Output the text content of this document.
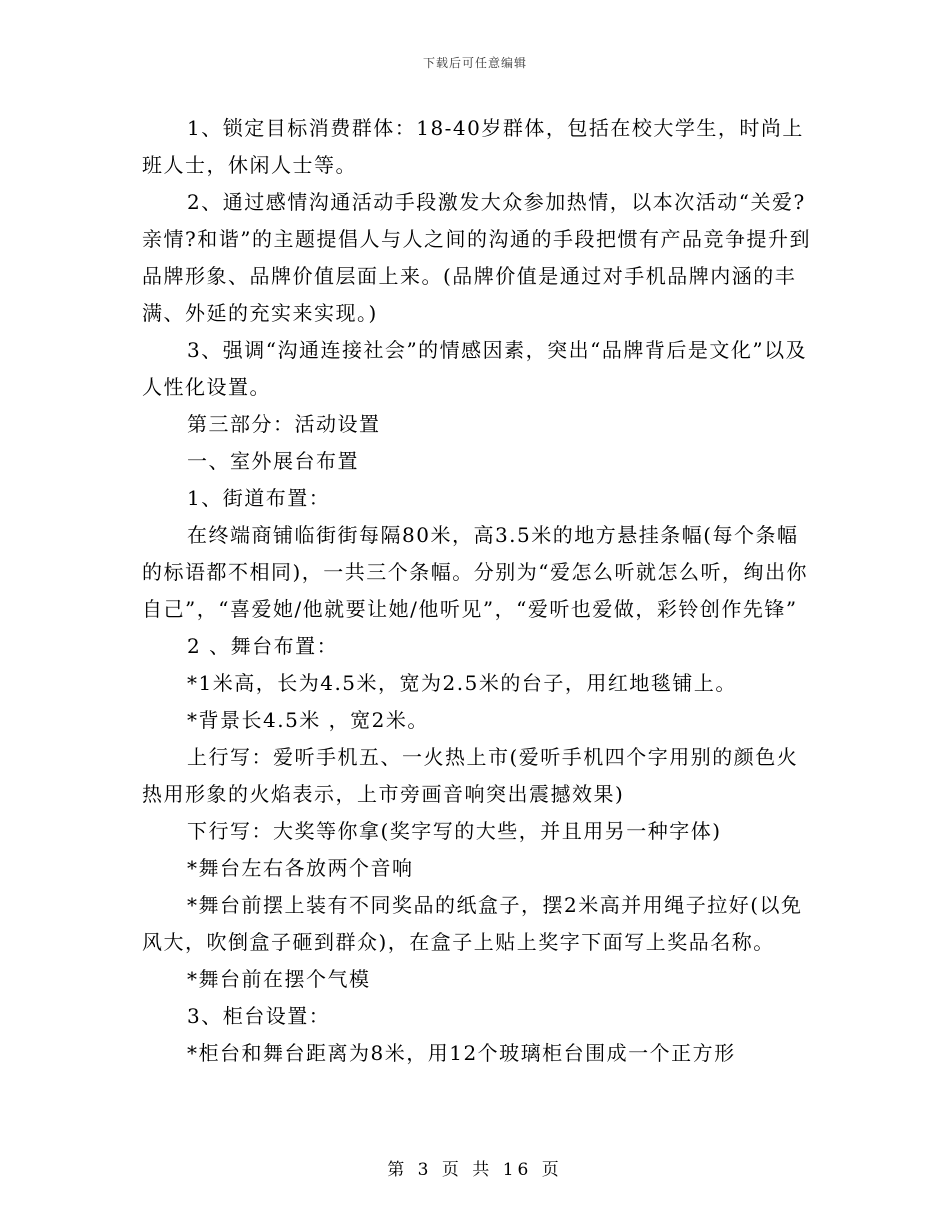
下载后可任意编辑

1、锁定目标消费群体：18-40岁群体，包括在校大学生，时尚上班人士，休闲人士等。

2、通过感情沟通活动手段激发大众参加热情，以本次活动“关爱?亲情?和谐”的主题提倡人与人之间的沟通的手段把惯有产品竞争提升到品牌形象、品牌价值层面上来。(品牌价值是通过对手机品牌内涵的丰满、外延的充实来实现。)

3、强调“沟通连接社会”的情感因素，突出“品牌背后是文化”以及人性化设置。

第三部分：活动设置

一、室外展台布置

1、街道布置：

在终端商铺临街街每隔80米，高3.5米的地方悬挂条幅(每个条幅的标语都不相同)，一共三个条幅。分别为“爱怎么听就怎么听，绚出你自己”，“喜爱她/他就要让她/他听见”，“爱听也爱做，彩铃创作先锋”

2 、舞台布置：

*1米高，长为4.5米，宽为2.5米的台子，用红地毯铺上。

*背景长4.5米 ，宽2米。

上行写：爱听手机五、一火热上市(爱听手机四个字用别的颜色火热用形象的火焰表示，上市旁画音响突出震撼效果)

下行写：大奖等你拿(奖字写的大些，并且用另一种字体)

*舞台左右各放两个音响

*舞台前摆上装有不同奖品的纸盒子，摆2米高并用绳子拉好(以免风大，吹倒盒子砸到群众)，在盒子上贴上奖字下面写上奖品名称。

*舞台前在摆个气模

3、柜台设置：

*柜台和舞台距离为8米，用12个玻璃柜台围成一个正方形

第 3 页 共 16 页
